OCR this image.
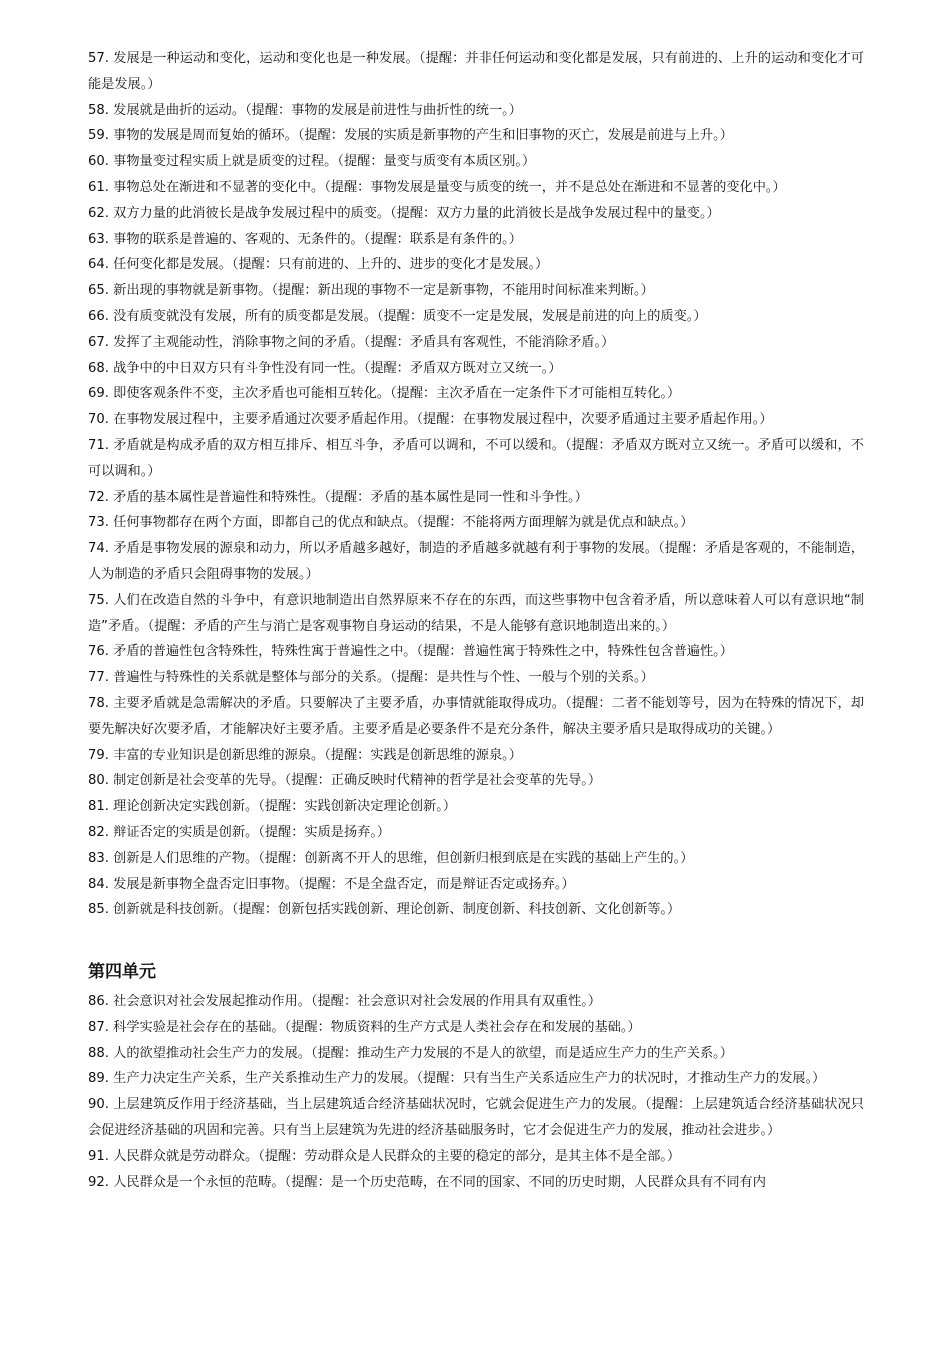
57. 发展是一种运动和变化，运动和变化也是一种发展。（提醒：并非任何运动和变化都是发展，只有前进的、上升的运动和变化才可能是发展。）

58. 发展就是曲折的运动。（提醒：事物的发展是前进性与曲折性的统一。）

59. 事物的发展是周而复始的循环。（提醒：发展的实质是新事物的产生和旧事物的灭亡，发展是前进与上升。）

60. 事物量变过程实质上就是质变的过程。（提醒：量变与质变有本质区别。）

61. 事物总处在渐进和不显著的变化中。（提醒：事物发展是量变与质变的统一，并不是总处在渐进和不显著的变化中。）

62. 双方力量的此消彼长是战争发展过程中的质变。（提醒：双方力量的此消彼长是战争发展过程中的量变。）

63. 事物的联系是普遍的、客观的、无条件的。（提醒：联系是有条件的。）

64. 任何变化都是发展。（提醒：只有前进的、上升的、进步的变化才是发展。）

65. 新出现的事物就是新事物。（提醒：新出现的事物不一定是新事物，不能用时间标准来判断。）

66. 没有质变就没有发展，所有的质变都是发展。（提醒：质变不一定是发展，发展是前进的向上的质变。）

67. 发挥了主观能动性，消除事物之间的矛盾。（提醒：矛盾具有客观性，不能消除矛盾。）

68. 战争中的中日双方只有斗争性没有同一性。（提醒：矛盾双方既对立又统一。）

69. 即使客观条件不变，主次矛盾也可能相互转化。（提醒：主次矛盾在一定条件下才可能相互转化。）

70. 在事物发展过程中，主要矛盾通过次要矛盾起作用。（提醒：在事物发展过程中，次要矛盾通过主要矛盾起作用。）

71. 矛盾就是构成矛盾的双方相互排斥、相互斗争，矛盾可以调和，不可以缓和。（提醒：矛盾双方既对立又统一。矛盾可以缓和，不可以调和。）

72. 矛盾的基本属性是普遍性和特殊性。（提醒：矛盾的基本属性是同一性和斗争性。）

73. 任何事物都存在两个方面，即都自己的优点和缺点。（提醒：不能将两方面理解为就是优点和缺点。）

74. 矛盾是事物发展的源泉和动力，所以矛盾越多越好，制造的矛盾越多就越有利于事物的发展。（提醒：矛盾是客观的，不能制造，人为制造的矛盾只会阻碍事物的发展。）

75. 人们在改造自然的斗争中，有意识地制造出自然界原来不存在的东西，而这些事物中包含着矛盾，所以意味着人可以有意识地“制造”矛盾。（提醒：矛盾的产生与消亡是客观事物自身运动的结果，不是人能够有意识地制造出来的。）

76. 矛盾的普遍性包含特殊性，特殊性寓于普遍性之中。（提醒：普遍性寓于特殊性之中，特殊性包含普遍性。）

77. 普遍性与特殊性的关系就是整体与部分的关系。（提醒：是共性与个性、一般与个别的关系。）

78. 主要矛盾就是急需解决的矛盾。只要解决了主要矛盾，办事情就能取得成功。（提醒：二者不能划等号，因为在特殊的情况下，却要先解决好次要矛盾，才能解决好主要矛盾。主要矛盾是必要条件不是充分条件，解决主要矛盾只是取得成功的关键。）

79. 丰富的专业知识是创新思维的源泉。（提醒：实践是创新思维的源泉。）

80. 制定创新是社会变革的先导。（提醒：正确反映时代精神的哲学是社会变革的先导。）

81. 理论创新决定实践创新。（提醒：实践创新决定理论创新。）

82. 辩证否定的实质是创新。（提醒：实质是扬弃。）

83. 创新是人们思维的产物。（提醒：创新离不开人的思维，但创新归根到底是在实践的基础上产生的。）

84. 发展是新事物全盘否定旧事物。（提醒：不是全盘否定，而是辩证否定或扬弃。）

85. 创新就是科技创新。（提醒：创新包括实践创新、理论创新、制度创新、科技创新、文化创新等。）

第四单元

86. 社会意识对社会发展起推动作用。（提醒：社会意识对社会发展的作用具有双重性。）

87. 科学实验是社会存在的基础。（提醒：物质资料的生产方式是人类社会存在和发展的基础。）

88. 人的欲望推动社会生产力的发展。（提醒：推动生产力发展的不是人的欲望，而是适应生产力的生产关系。）

89. 生产力决定生产关系，生产关系推动生产力的发展。（提醒：只有当生产关系适应生产力的状况时，才推动生产力的发展。）

90. 上层建筑反作用于经济基础，当上层建筑适合经济基础状况时，它就会促进生产力的发展。（提醒：上层建筑适合经济基础状况只会促进经济基础的巩固和完善。只有当上层建筑为先进的经济基础服务时，它才会促进生产力的发展，推动社会进步。）

91. 人民群众就是劳动群众。（提醒：劳动群众是人民群众的主要的稳定的部分，是其主体不是全部。）

92. 人民群众是一个永恒的范畴。（提醒：是一个历史范畴，在不同的国家、不同的历史时期，人民群众具有不同有内
